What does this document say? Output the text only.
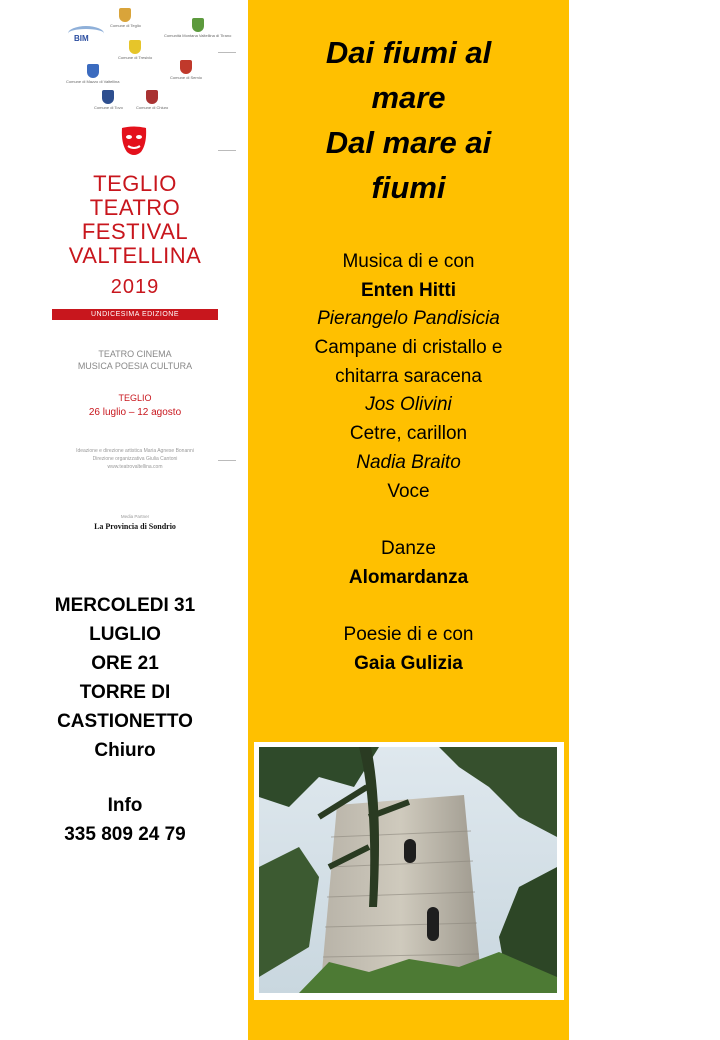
BIM
Comune di Teglio
Comunità Montana Valtellina di Tirano
Comune di Tresivio
Comune di Sernio
Comune di Mazzo di Valtellina
Comune di Tovo	Comune di Chiuro
TEGLIO
TEATRO
FESTIVAL
VALTELLINA
2019
UNDICESIMA EDIZIONE
TEATRO CINEMA
MUSICA POESIA CULTURA
TEGLIO
26 luglio – 12 agosto
Ideazione e direzione artistica Maria Agnese Bonanni
Direzione organizzativa Giulia Cantoni
www.teatrovaltellina.com
Media Partner
La Provincia di Sondrio
MERCOLEDI 31
LUGLIO
ORE 21
TORRE DI
CASTIONETTO
Chiuro
Info
335 809 24 79
Dai fiumi al
mare
Dal mare ai
fiumi
Musica di e con
Enten Hitti
Pierangelo Pandisicia
Campane di cristallo e
chitarra saracena
Jos Olivini
Cetre, carillon
Nadia Braito
Voce
Danze
Alomardanza
Poesie di e con
Gaia Gulizia
